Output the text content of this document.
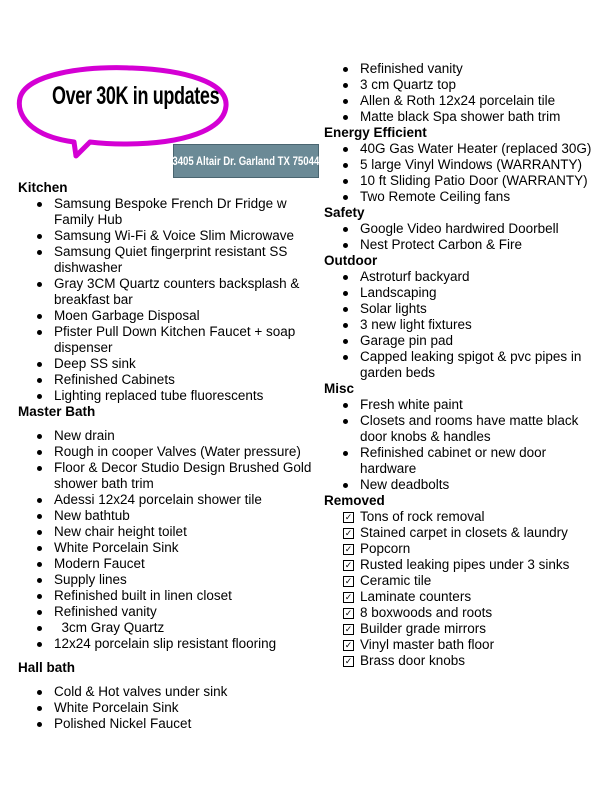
Over 30K in updates
3405 Altair Dr. Garland TX 75044
Kitchen
Samsung Bespoke French Dr Fridge w Family Hub
Samsung Wi-Fi & Voice Slim Microwave
Samsung Quiet fingerprint resistant SS dishwasher
Gray 3CM Quartz counters backsplash & breakfast bar
Moen Garbage Disposal
Pfister Pull Down Kitchen Faucet + soap dispenser
Deep SS sink
Refinished Cabinets
Lighting replaced tube fluorescents
Master Bath
New drain
Rough in cooper Valves (Water pressure)
Floor & Decor Studio Design Brushed Gold shower bath trim
Adessi 12x24 porcelain shower tile
New bathtub
New chair height toilet
White Porcelain Sink
Modern Faucet
Supply lines
Refinished built in linen closet
Refinished vanity
3cm Gray Quartz
12x24 porcelain slip resistant flooring
Hall bath
Cold & Hot valves under sink
White Porcelain Sink
Polished Nickel Faucet
Refinished vanity
3 cm Quartz top
Allen & Roth 12x24 porcelain tile
Matte black Spa shower bath trim
Energy Efficient
40G Gas Water Heater (replaced 30G)
5 large Vinyl Windows (WARRANTY)
10 ft Sliding Patio Door (WARRANTY)
Two Remote Ceiling fans
Safety
Google Video hardwired Doorbell
Nest Protect Carbon & Fire
Outdoor
Astroturf backyard
Landscaping
Solar lights
3 new light fixtures
Garage pin pad
Capped leaking spigot & pvc pipes in garden beds
Misc
Fresh white paint
Closets and rooms have matte black door knobs & handles
Refinished cabinet or new door hardware
New deadbolts
Removed
✓ Tons of rock removal
✓ Stained carpet in closets & laundry
✓ Popcorn
✓ Rusted leaking pipes under 3 sinks
✓ Ceramic tile
✓ Laminate counters
✓ 8 boxwoods and roots
✓ Builder grade mirrors
✓ Vinyl master bath floor
✓ Brass door knobs
